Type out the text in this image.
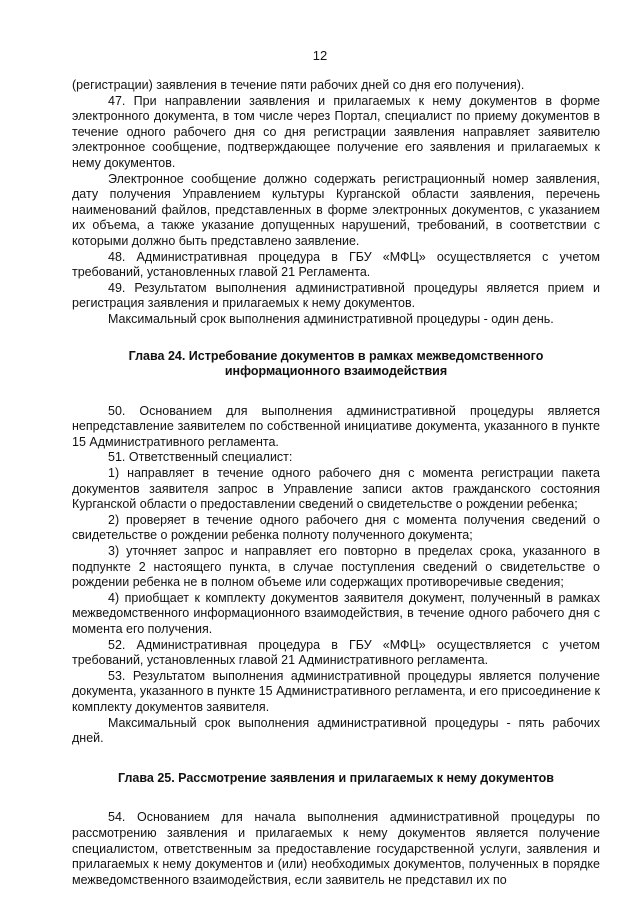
12

(регистрации) заявления в течение пяти рабочих дней со дня его получения).

47. При направлении заявления и прилагаемых к нему документов в форме электронного документа, в том числе через Портал, специалист по приему документов в течение одного рабочего дня со дня регистрации заявления направляет заявителю электронное сообщение, подтверждающее получение его заявления и прилагаемых к нему документов.

Электронное сообщение должно содержать регистрационный номер заявления, дату получения Управлением культуры Курганской области заявления, перечень наименований файлов, представленных в форме электронных документов, с указанием их объема, а также указание допущенных нарушений, требований, в соответствии с которыми должно быть представлено заявление.

48. Административная процедура в ГБУ «МФЦ» осуществляется с учетом требований, установленных главой 21 Регламента.

49. Результатом выполнения административной процедуры является прием и регистрация заявления и прилагаемых к нему документов.

Максимальный срок выполнения административной процедуры - один день.

Глава 24. Истребование документов в рамках межведомственного
информационного взаимодействия

50. Основанием для выполнения административной процедуры является непредставление заявителем по собственной инициативе документа, указанного в пункте 15 Административного регламента.

51. Ответственный специалист:

1) направляет в течение одного рабочего дня с момента регистрации пакета документов заявителя запрос в Управление записи актов гражданского состояния Курганской области о предоставлении сведений о свидетельстве о рождении ребенка;

2) проверяет в течение одного рабочего дня с момента получения сведений о свидетельстве о рождении ребенка полноту полученного документа;

3) уточняет запрос и направляет его повторно в пределах срока, указанного в подпункте 2 настоящего пункта, в случае поступления сведений о свидетельстве о рождении ребенка не в полном объеме или содержащих противоречивые сведения;

4) приобщает к комплекту документов заявителя документ, полученный в рамках межведомственного информационного взаимодействия, в течение одного рабочего дня с момента его получения.

52. Административная процедура в ГБУ «МФЦ» осуществляется с учетом требований, установленных главой 21 Административного регламента.

53. Результатом выполнения административной процедуры является получение документа, указанного в пункте 15 Административного регламента, и его присоединение к комплекту документов заявителя.

Максимальный срок выполнения административной процедуры - пять рабочих дней.

Глава 25. Рассмотрение заявления и прилагаемых к нему документов

54. Основанием для начала выполнения административной процедуры по рассмотрению заявления и прилагаемых к нему документов является получение специалистом, ответственным за предоставление государственной услуги, заявления и прилагаемых к нему документов и (или) необходимых документов, полученных в порядке межведомственного взаимодействия, если заявитель не представил их по
